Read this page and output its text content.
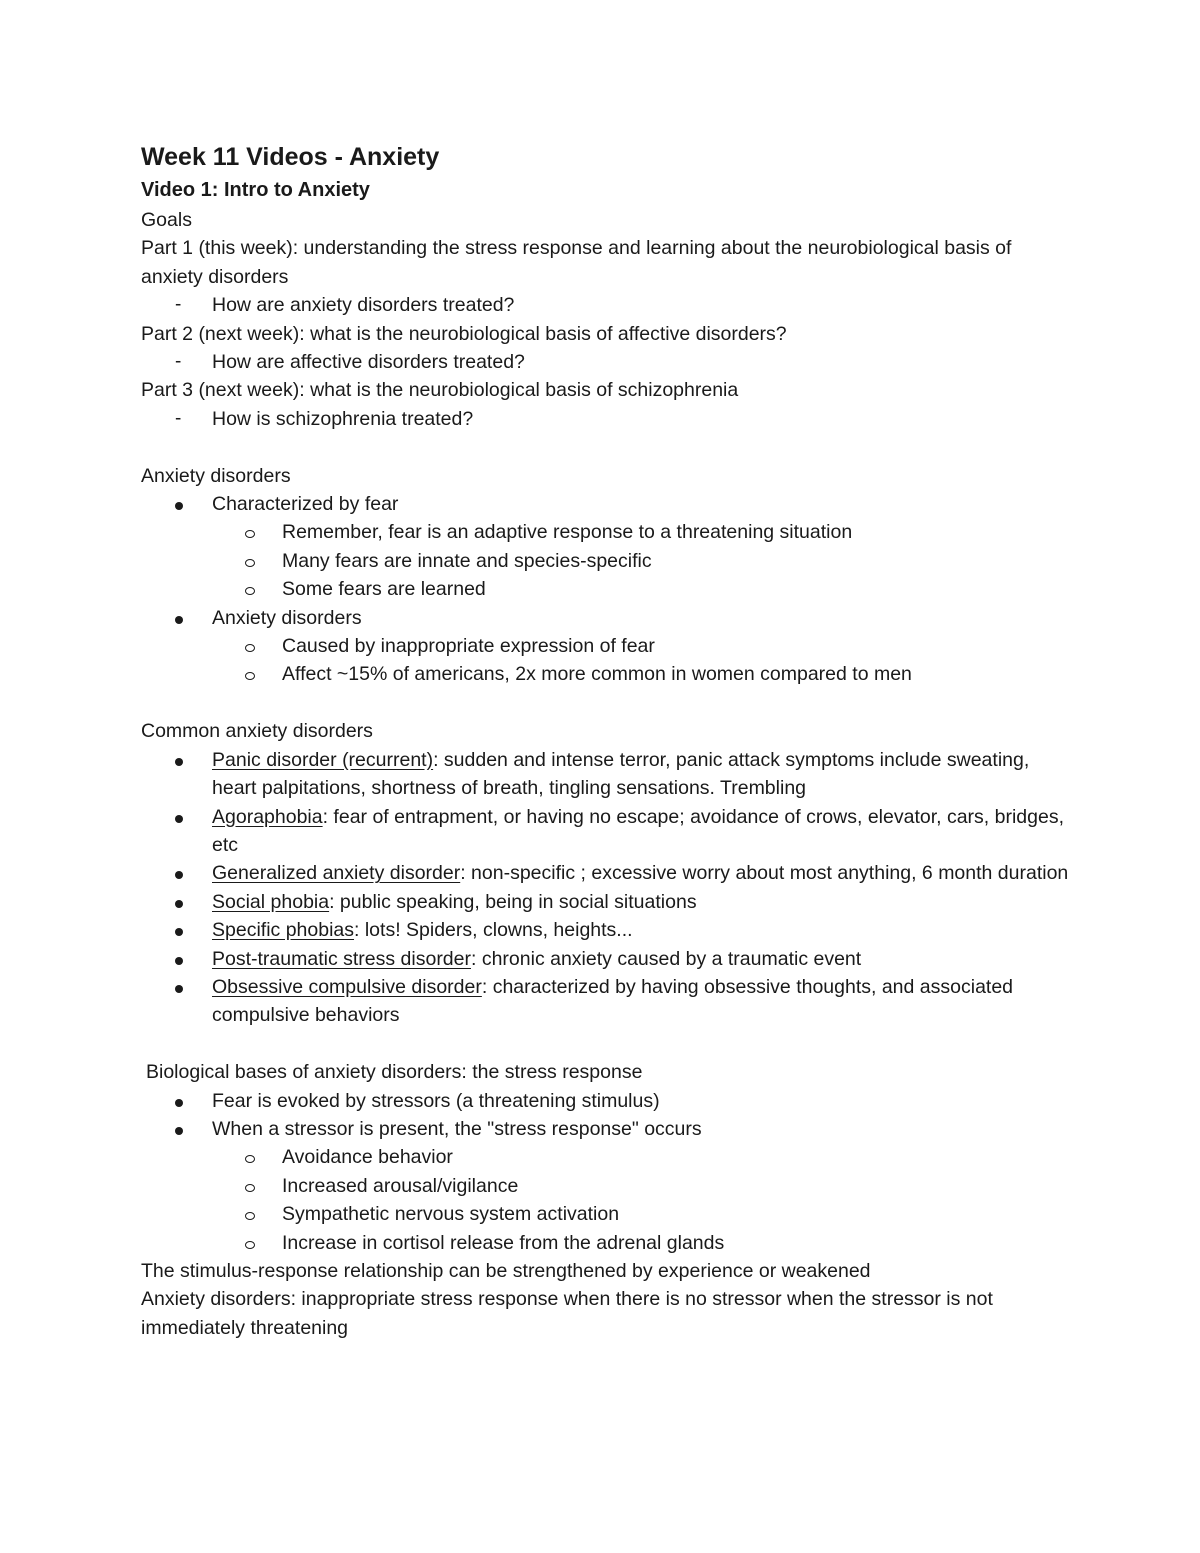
Week 11 Videos - Anxiety

Video 1: Intro to Anxiety

Goals

Part 1 (this week): understanding the stress response and learning about the neurobiological basis of anxiety disorders

- How are anxiety disorders treated?

Part 2 (next week): what is the neurobiological basis of affective disorders?

- How are affective disorders treated?

Part 3 (next week): what is the neurobiological basis of schizophrenia

- How is schizophrenia treated?

Anxiety disorders

Characterized by fear
Remember, fear is an adaptive response to a threatening situation
Many fears are innate and species-specific
Some fears are learned
Anxiety disorders
Caused by inappropriate expression of fear
Affect ~15% of americans, 2x more common in women compared to men

Common anxiety disorders

Panic disorder (recurrent): sudden and intense terror, panic attack symptoms include sweating, heart palpitations, shortness of breath, tingling sensations. Trembling
Agoraphobia: fear of entrapment, or having no escape; avoidance of crows, elevator, cars, bridges, etc
Generalized anxiety disorder: non-specific ; excessive worry about most anything, 6 month duration
Social phobia: public speaking, being in social situations
Specific phobias: lots! Spiders, clowns, heights...
Post-traumatic stress disorder: chronic anxiety caused by a traumatic event
Obsessive compulsive disorder: characterized by having obsessive thoughts, and associated compulsive behaviors

Biological bases of anxiety disorders: the stress response

Fear is evoked by stressors (a threatening stimulus)
When a stressor is present, the "stress response" occurs
Avoidance behavior
Increased arousal/vigilance
Sympathetic nervous system activation
Increase in cortisol release from the adrenal glands

The stimulus-response relationship can be strengthened by experience or weakened

Anxiety disorders: inappropriate stress response when there is no stressor when the stressor is not immediately threatening
